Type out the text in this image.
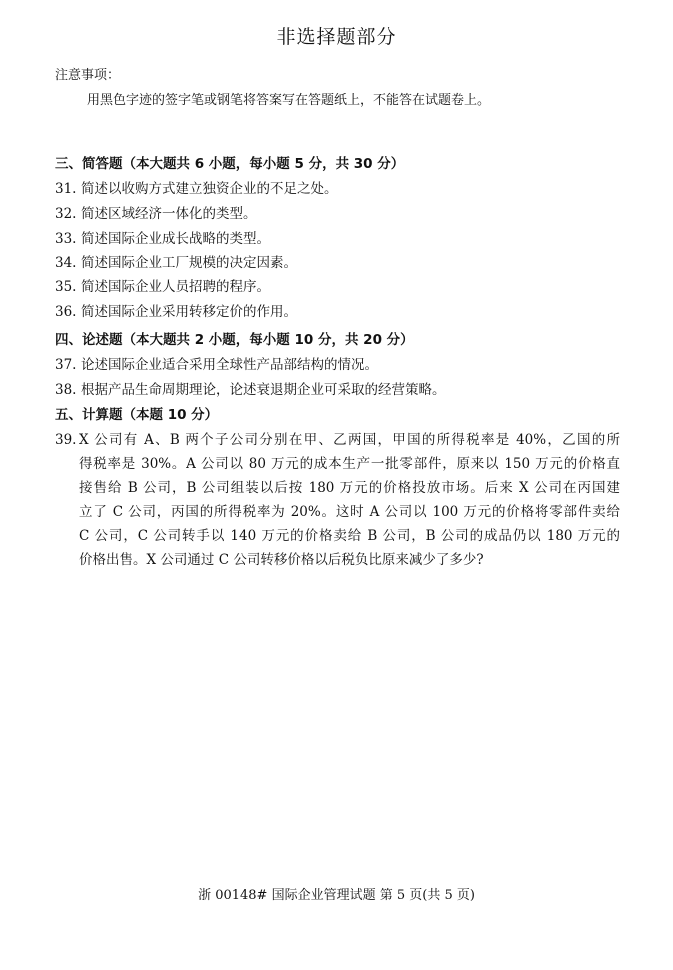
非选择题部分
注意事项：
用黑色字迹的签字笔或钢笔将答案写在答题纸上，不能答在试题卷上。
三、简答题（本大题共 6 小题，每小题 5 分，共 30 分）
31. 简述以收购方式建立独资企业的不足之处。
32. 简述区域经济一体化的类型。
33. 简述国际企业成长战略的类型。
34. 简述国际企业工厂规模的决定因素。
35. 简述国际企业人员招聘的程序。
36. 简述国际企业采用转移定价的作用。
四、论述题（本大题共 2 小题，每小题 10 分，共 20 分）
37. 论述国际企业适合采用全球性产品部结构的情况。
38. 根据产品生命周期理论，论述衰退期企业可采取的经营策略。
五、计算题（本题 10 分）
39. X 公司有 A、B 两个子公司分别在甲、乙两国，甲国的所得税率是 40%，乙国的所
得税率是 30%。A 公司以 80 万元的成本生产一批零部件，原来以 150 万元的价格直
接售给 B 公司，B 公司组装以后按 180 万元的价格投放市场。后来 X 公司在丙国建
立了 C 公司，丙国的所得税率为 20%。这时 A 公司以 100 万元的价格将零部件卖给
C 公司，C 公司转手以 140 万元的价格卖给 B 公司，B 公司的成品仍以 180 万元的
价格出售。X 公司通过 C 公司转移价格以后税负比原来减少了多少?
浙 00148# 国际企业管理试题 第 5 页(共 5 页)
